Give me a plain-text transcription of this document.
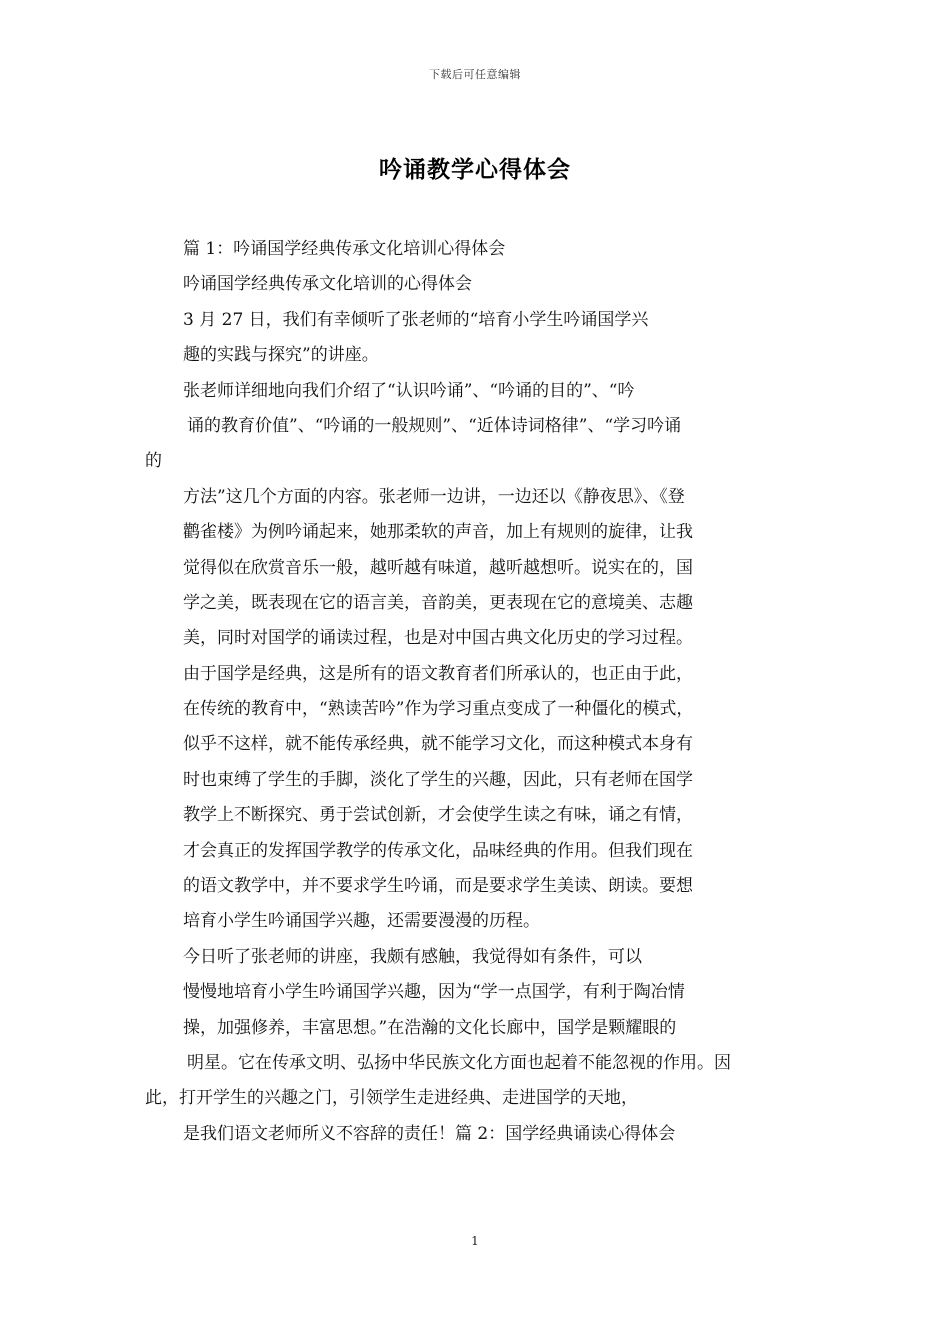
下载后可任意编辑
吟诵教学心得体会
篇 1：吟诵国学经典传承文化培训心得体会
吟诵国学经典传承文化培训的心得体会
3 月 27 日，我们有幸倾听了张老师的“培育小学生吟诵国学兴
趣的实践与探究”的讲座。
张老师详细地向我们介绍了“认识吟诵”、“吟诵的目的”、“吟
诵的教育价值”、“吟诵的一般规则”、“近体诗词格律”、“学习吟诵
的
方法”这几个方面的内容。张老师一边讲，一边还以《静夜思》、《登
鹳雀楼》为例吟诵起来，她那柔软的声音，加上有规则的旋律，让我
觉得似在欣赏音乐一般，越听越有味道，越听越想听。说实在的，国
学之美，既表现在它的语言美，音韵美，更表现在它的意境美、志趣
美，同时对国学的诵读过程，也是对中国古典文化历史的学习过程。
由于国学是经典，这是所有的语文教育者们所承认的，也正由于此，
在传统的教育中，“熟读苦吟”作为学习重点变成了一种僵化的模式，
似乎不这样，就不能传承经典，就不能学习文化，而这种模式本身有
时也束缚了学生的手脚，淡化了学生的兴趣，因此，只有老师在国学
教学上不断探究、勇于尝试创新，才会使学生读之有味，诵之有情，
才会真正的发挥国学教学的传承文化，品味经典的作用。但我们现在
的语文教学中，并不要求学生吟诵，而是要求学生美读、朗读。要想
培育小学生吟诵国学兴趣，还需要漫漫的历程。
今日听了张老师的讲座，我颇有感触，我觉得如有条件，可以
慢慢地培育小学生吟诵国学兴趣，因为“学一点国学，有利于陶冶情
操，加强修养，丰富思想。”在浩瀚的文化长廊中，国学是颗耀眼的
明星。它在传承文明、弘扬中华民族文化方面也起着不能忽视的作用。因
此，打开学生的兴趣之门，引领学生走进经典、走进国学的天地，
是我们语文老师所义不容辞的责任！篇 2：国学经典诵读心得体会
1
